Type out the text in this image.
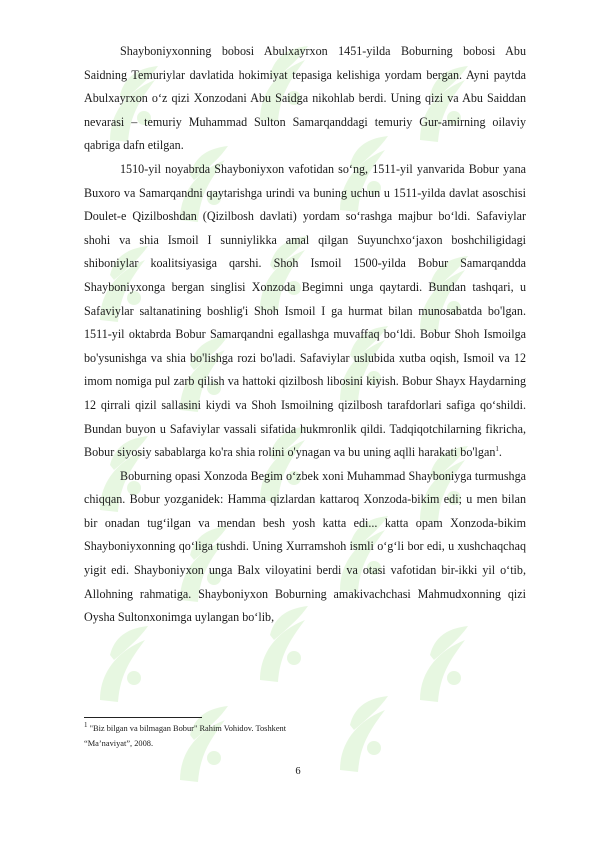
Shayboniyxonning bobosi Abulxayrxon 1451-yilda Boburning bobosi Abu Saidning Temuriylar davlatida hokimiyat tepasiga kelishiga yordam bergan. Ayni paytda Abulxayrxon o‘z qizi Xonzodani Abu Saidga nikohlab berdi. Uning qizi va Abu Saiddan nevarasi – temuriy Muhammad Sulton Samarqanddagi temuriy Gur-amirning oilaviy qabriga dafn etilgan.

1510-yil noyabrda Shayboniyxon vafotidan so‘ng, 1511-yil yanvarida Bobur yana Buxoro va Samarqandni qaytarishga urindi va buning uchun u 1511-yilda davlat asoschisi Doulet-e Qizilboshdan (Qizilbosh davlati) yordam so‘rashga majbur bo‘ldi. Safaviylar shohi va shia Ismoil I sunniylikka amal qilgan Suyunchxo‘jaxon boshchiligidagi shiboniylar koalitsiyasiga qarshi. Shoh Ismoil 1500-yilda Bobur Samarqandda Shayboniyxonga bergan singlisi Xonzoda Begimni unga qaytardi. Bundan tashqari, u Safaviylar saltanatining boshlig'i Shoh Ismoil I ga hurmat bilan munosabatda bo'lgan. 1511-yil oktabrda Bobur Samarqandni egallashga muvaffaq bo‘ldi. Bobur Shoh Ismoilga bo'ysunishga va shia bo'lishga rozi bo'ladi. Safaviylar uslubida xutba oqish, Ismoil va 12 imom nomiga pul zarb qilish va hattoki qizilbosh libosini kiyish. Bobur Shayx Haydarning 12 qirrali qizil sallasini kiydi va Shoh Ismoilning qizilbosh tarafdorlari safiga qo‘shildi. Bundan buyon u Safaviylar vassali sifatida hukmronlik qildi. Tadqiqotchilarning fikricha, Bobur siyosiy sabablarga ko'ra shia rolini o'ynagan va bu uning aqlli harakati bo'lgan$^1$.

Boburning opasi Xonzoda Begim o‘zbek xoni Muhammad Shayboniyga turmushga chiqqan. Bobur yozganidek: Hamma qizlardan kattaroq Xonzoda-bikim edi; u men bilan bir onadan tug‘ilgan va mendan besh yosh katta edi... katta opam Xonzoda-bikim Shayboniyxonning qo‘liga tushdi. Uning Xurramshoh ismli o‘g‘li bor edi, u xushchaqchaq yigit edi. Shayboniyxon unga Balx viloyatini berdi va otasi vafotidan bir-ikki yil o‘tib, Allohning rahmatiga. Shayboniyxon Boburning amakivachchasi Mahmudxonning qizi Oysha Sultonxonimga uylangan bo‘lib,

$^1$ "Biz bilgan va bilmagan Bobur" Rahim Vohidov. Toshkent
“Ma’naviyat”, 2008.
6
